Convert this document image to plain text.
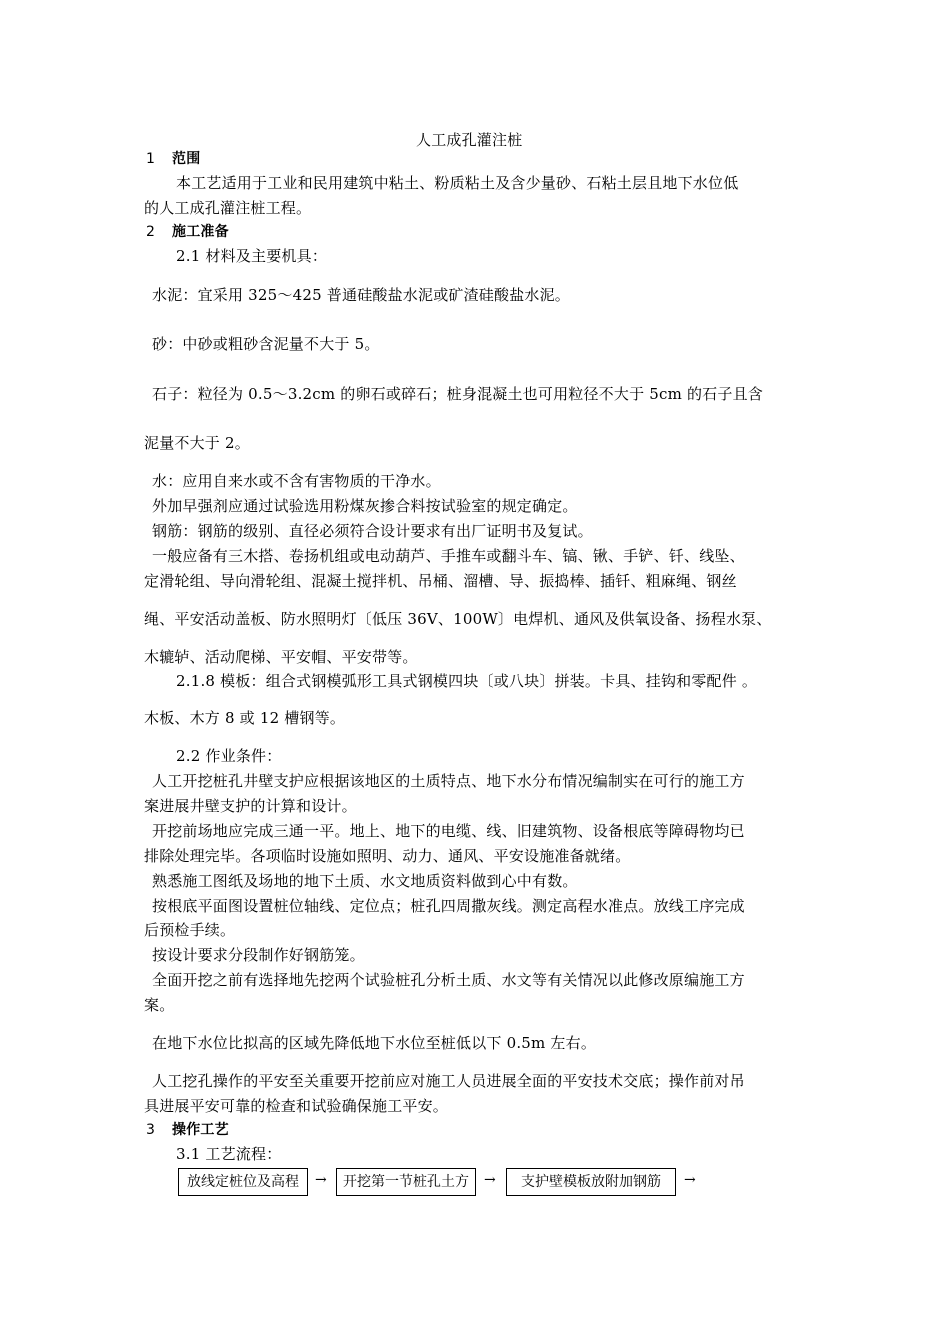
人工成孔灌注桩
1 范围
本工艺适用于工业和民用建筑中粘土、粉质粘土及含少量砂、石粘土层且地下水位低
的人工成孔灌注桩工程。
2 施工准备
2.1 材料及主要机具：
水泥：宜采用 325～425 普通硅酸盐水泥或矿渣硅酸盐水泥。
砂：中砂或粗砂含泥量不大于 5。
石子：粒径为 0.5～3.2cm 的卵石或碎石；桩身混凝土也可用粒径不大于 5cm 的石子且含
泥量不大于 2。
水：应用自来水或不含有害物质的干净水。
外加早强剂应通过试验选用粉煤灰掺合料按试验室的规定确定。
钢筋：钢筋的级别、直径必须符合设计要求有出厂证明书及复试。
一般应备有三木搭、卷扬机组或电动葫芦、手推车或翻斗车、镐、锹、手铲、钎、线坠、
定滑轮组、导向滑轮组、混凝土搅拌机、吊桶、溜槽、导、振捣棒、插钎、粗麻绳、钢丝
绳、平安活动盖板、防水照明灯〔低压 36V、100W〕电焊机、通风及供氧设备、扬程水泵、
木辘轳、活动爬梯、平安帽、平安带等。
2.1.8 模板：组合式钢模弧形工具式钢模四块〔或八块〕拼装。卡具、挂钩和零配件 。
木板、木方 8 或 12 槽钢等。
2.2 作业条件：
人工开挖桩孔井壁支护应根据该地区的土质特点、地下水分布情况编制实在可行的施工方
案进展井壁支护的计算和设计。
开挖前场地应完成三通一平。地上、地下的电缆、线、旧建筑物、设备根底等障碍物均已
排除处理完毕。各项临时设施如照明、动力、通风、平安设施准备就绪。
熟悉施工图纸及场地的地下土质、水文地质资料做到心中有数。
按根底平面图设置桩位轴线、定位点；桩孔四周撒灰线。测定高程水准点。放线工序完成
后预检手续。
按设计要求分段制作好钢筋笼。
全面开挖之前有选择地先挖两个试验桩孔分析土质、水文等有关情况以此修改原编施工方
案。
在地下水位比拟高的区域先降低地下水位至桩低以下 0.5m 左右。
人工挖孔操作的平安至关重要开挖前应对施工人员进展全面的平安技术交底；操作前对吊
具进展平安可靠的检查和试验确保施工平安。
3 操作工艺
3.1 工艺流程：
放线定桩位及高程	→	开挖第一节桩孔土方	→	支护壁模板放附加钢筋	→
